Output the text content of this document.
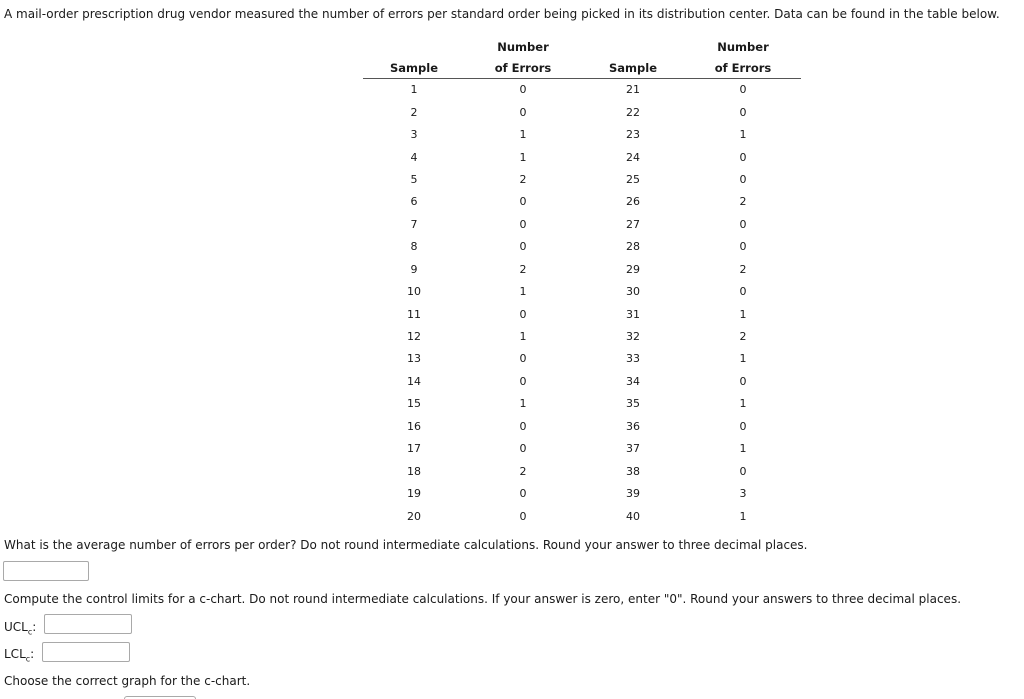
A mail-order prescription drug vendor measured the number of errors per standard order being picked in its distribution center. Data can be found in the table below.
	Number		Number
Sample	of Errors	Sample	of Errors
1	0	21	0
2	0	22	0
3	1	23	1
4	1	24	0
5	2	25	0
6	0	26	2
7	0	27	0
8	0	28	0
9	2	29	2
10	1	30	0
11	0	31	1
12	1	32	2
13	0	33	1
14	0	34	0
15	1	35	1
16	0	36	0
17	0	37	1
18	2	38	0
19	0	39	3
20	0	40	1
What is the average number of errors per order? Do not round intermediate calculations. Round your answer to three decimal places.
Compute the control limits for a c-chart. Do not round intermediate calculations. If your answer is zero, enter "0". Round your answers to three decimal places.
$UCL_c$:
$LCL_c$:
Choose the correct graph for the c-chart.
